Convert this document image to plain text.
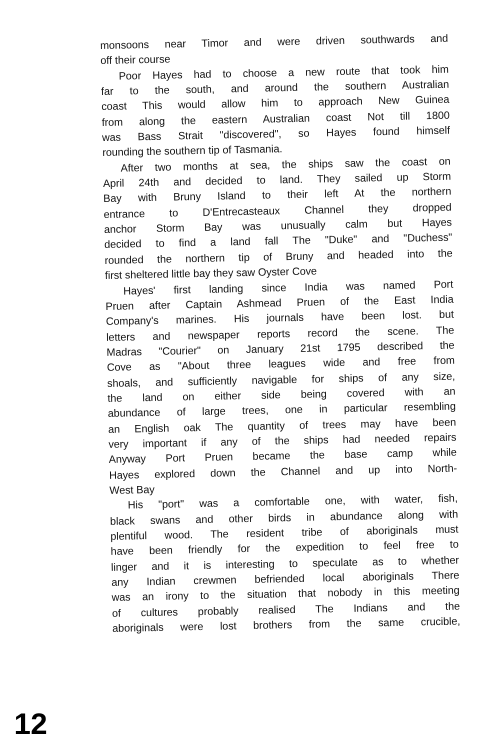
monsoons near Timor and were driven southwards and
off their course
Poor Hayes had to choose a new route that took him
far to the south, and around the southern Australian
coast This would allow him to approach New Guinea
from along the eastern Australian coast Not till 1800
was Bass Strait "discovered", so Hayes found himself
rounding the southern tip of Tasmania.
After two months at sea, the ships saw the coast on
April 24th and decided to land. They sailed up Storm
Bay with Bruny Island to their left At the northern
entrance to D'Entrecasteaux Channel they dropped
anchor Storm Bay was unusually calm but Hayes
decided to find a land fall The "Duke" and "Duchess"
rounded the northern tip of Bruny and headed into the
first sheltered little bay they saw Oyster Cove
Hayes' first landing since India was named Port
Pruen after Captain Ashmead Pruen of the East India
Company's marines. His journals have been lost. but
letters and newspaper reports record the scene. The
Madras "Courier" on January 21st 1795 described the
Cove as "About three leagues wide and free from
shoals, and sufficiently navigable for ships of any size,
the land on either side being covered with an
abundance of large trees, one in particular resembling
an English oak The quantity of trees may have been
very important if any of the ships had needed repairs
Anyway Port Pruen became the base camp while
Hayes explored down the Channel and up into North-
West Bay
His "port" was a comfortable one, with water, fish,
black swans and other birds in abundance along with
plentiful wood. The resident tribe of aboriginals must
have been friendly for the expedition to feel free to
linger and it is interesting to speculate as to whether
any Indian crewmen befriended local aboriginals There
was an irony to the situation that nobody in this meeting
of cultures probably realised The Indians and the
aboriginals were lost brothers from the same crucible,
12
